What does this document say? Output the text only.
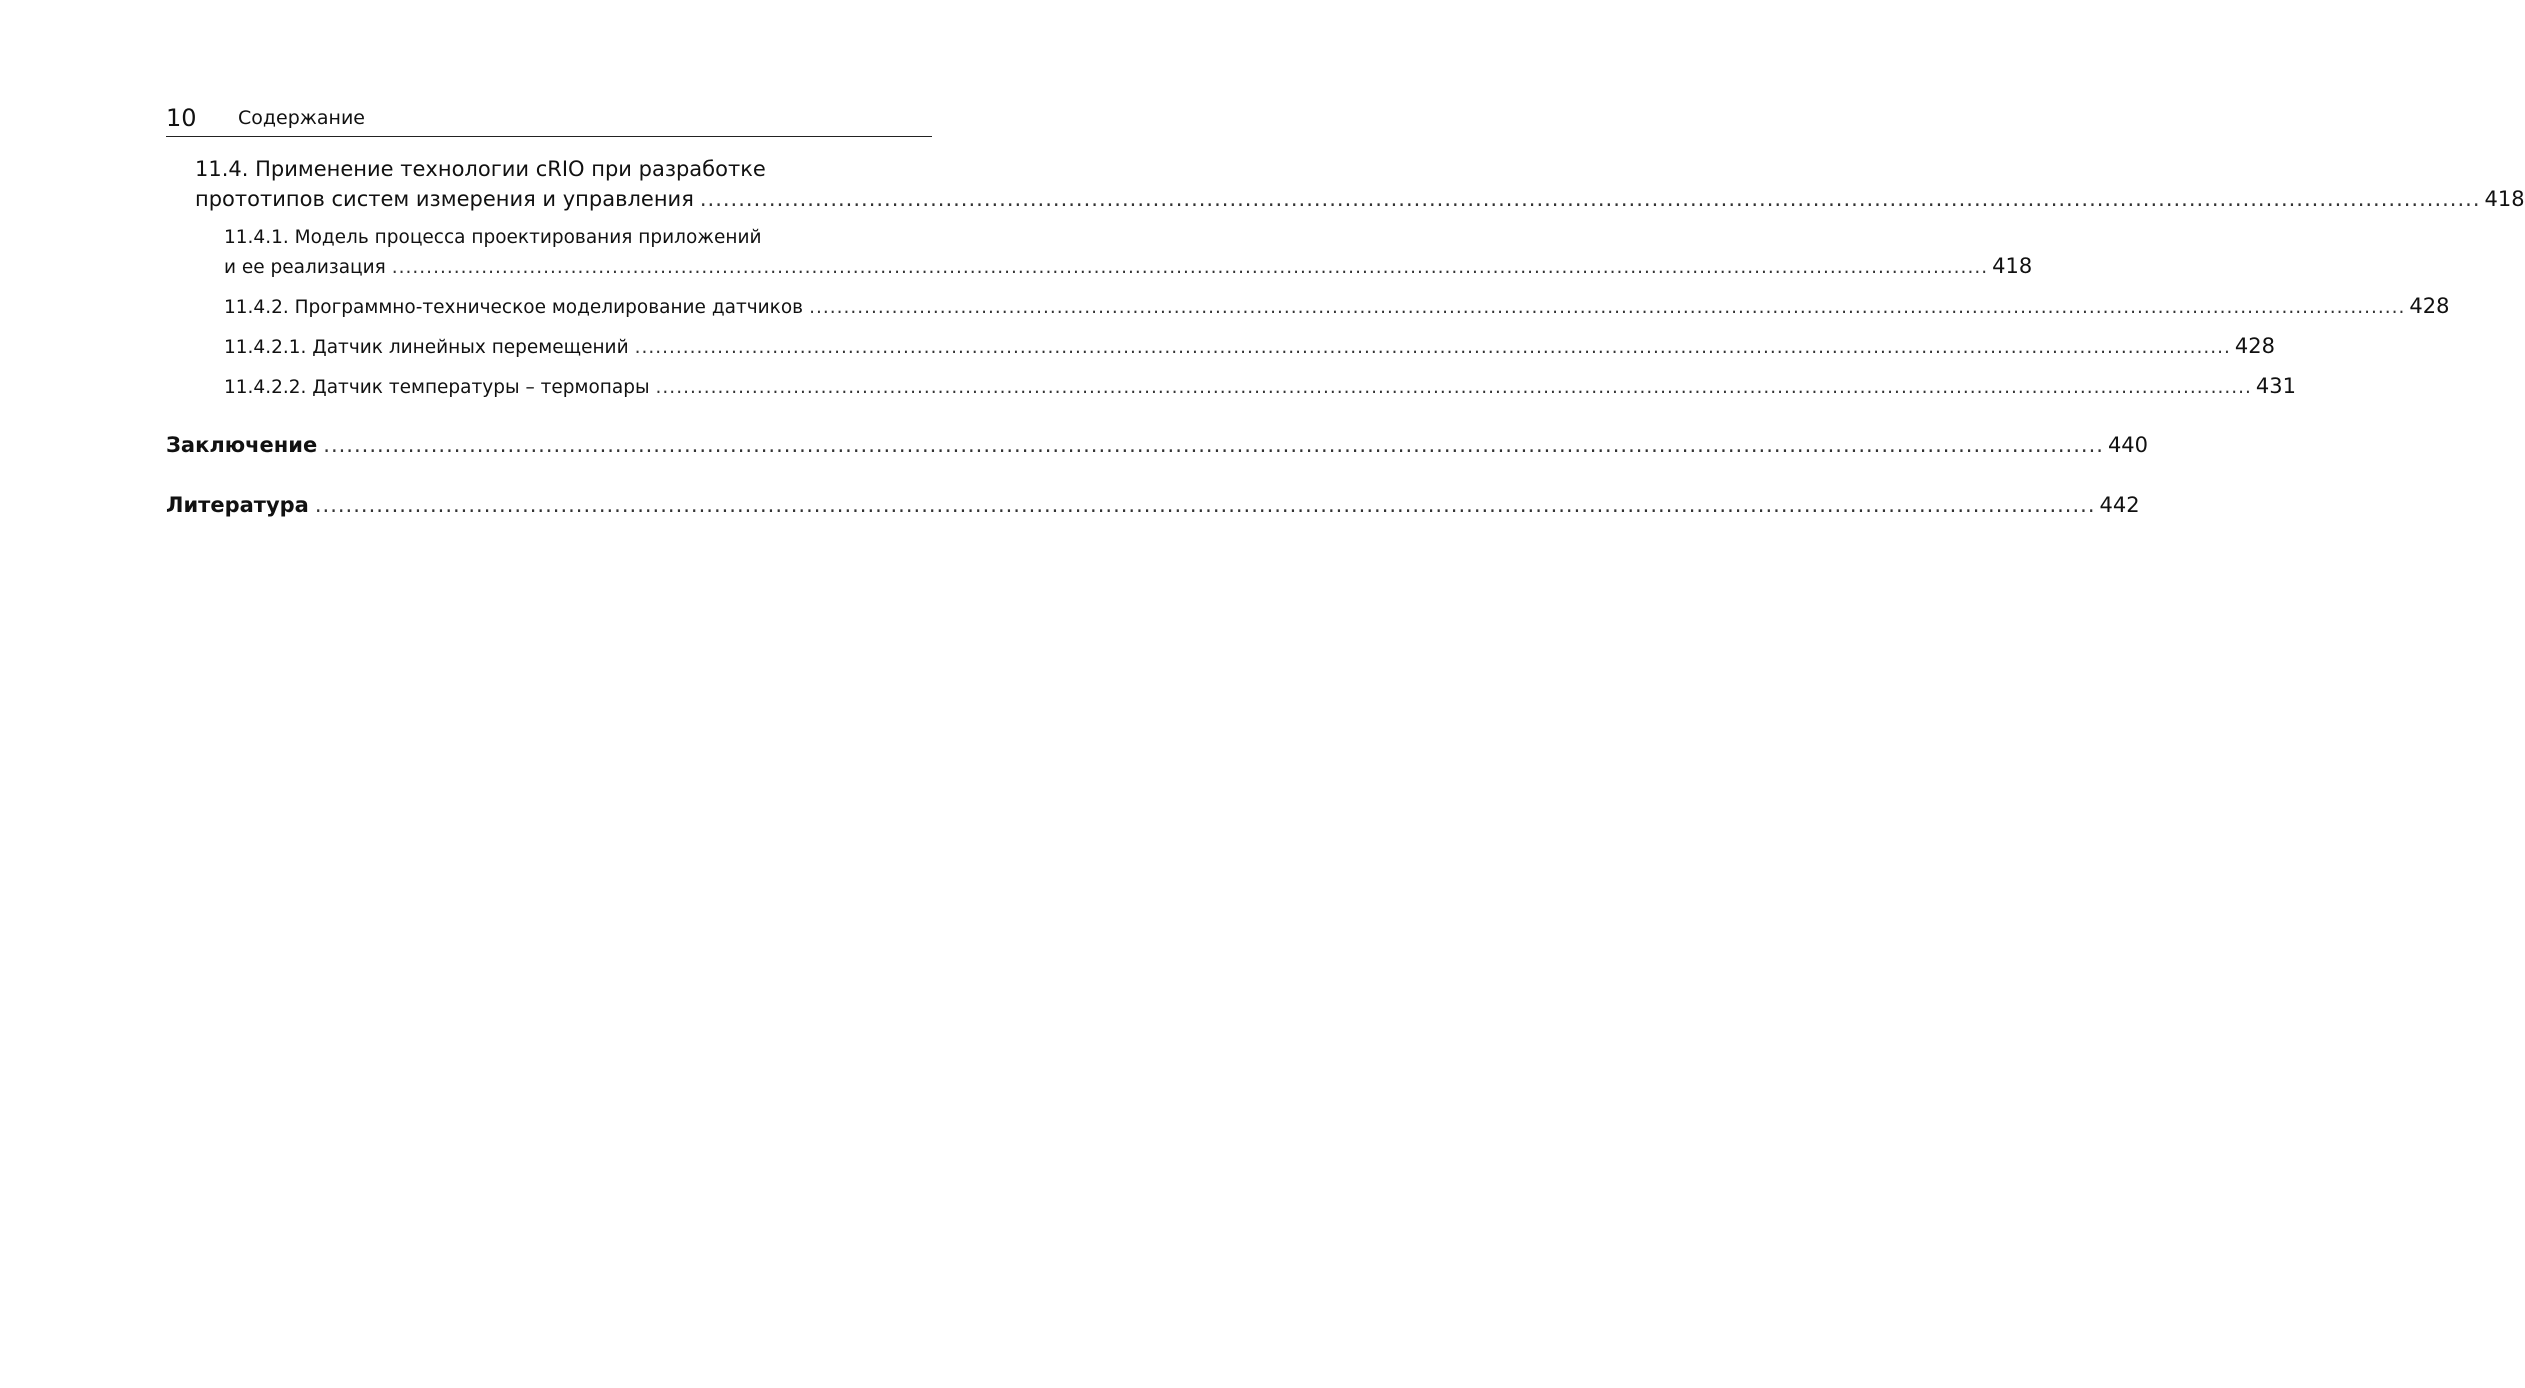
10 Содержание
11.4. Применение технологии cRIO при разработке
прототипов систем измерения и управления .....	418
11.4.1. Модель процесса проектирования приложений
и ее реализация .....	418
11.4.2. Программно-техническое моделирование датчиков .....	428
11.4.2.1. Датчик линейных перемещений .....	428
11.4.2.2. Датчик температуры – термопары .....	431
Заключение .....	440
Литература .....	442
